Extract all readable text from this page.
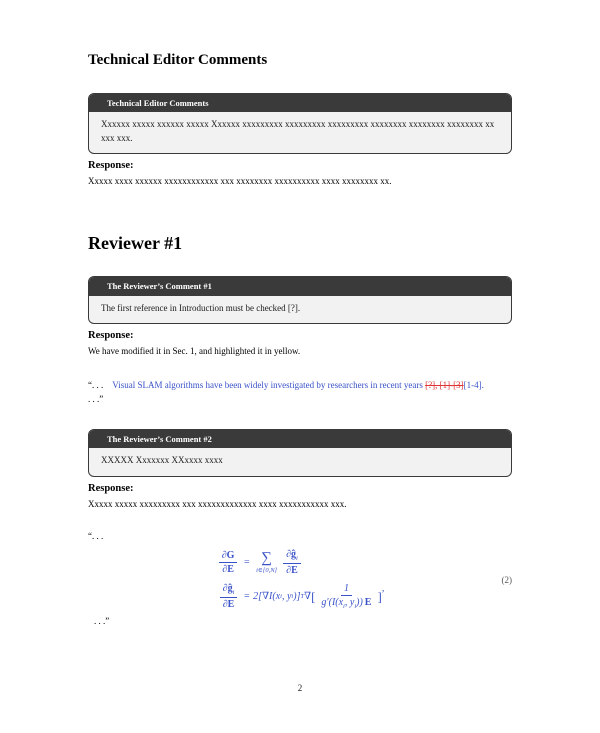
Technical Editor Comments
Technical Editor Comments
Xxxxxx xxxxx xxxxxx xxxxx Xxxxxx xxxxxxxxx xxxxxxxxx xxxxxxxxx xxxxxxxx xxxxxxxx xxxxxxxx xx xxx xxx.
Response:
Xxxxx xxxx xxxxxx xxxxxxxxxxxx xxx xxxxxxxx xxxxxxxxxx xxxx xxxxxxxx xx.
Reviewer #1
The Reviewer’s Comment #1
The first reference in Introduction must be checked [?].
Response:
We have modified it in Sec. 1, and highlighted it in yellow.

“. . . Visual SLAM algorithms have been widely investigated by researchers in recent years [?], [1]-[3][1-4].
. . .”

The Reviewer’s Comment #2
XXXXX Xxxxxxx XXxxxx xxxx
Response:
Xxxxx xxxxx xxxxxxxxx xxx xxxxxxxxxxxxx xxxx xxxxxxxxxxx xxx.
“. . .
$\frac{\partial G}{\partial E}$ = ∑
i∈[0,N] $\frac{\partial ĝ_i}{\partial E}$
$\frac{\partial ĝ_i}{\partial E} = 2[\nabla I(x$ i , y i )] T ∇ [ $\frac{1}{g'(I(x_i, y_i)) E}$ ] ,
(2)
. . .”
2
